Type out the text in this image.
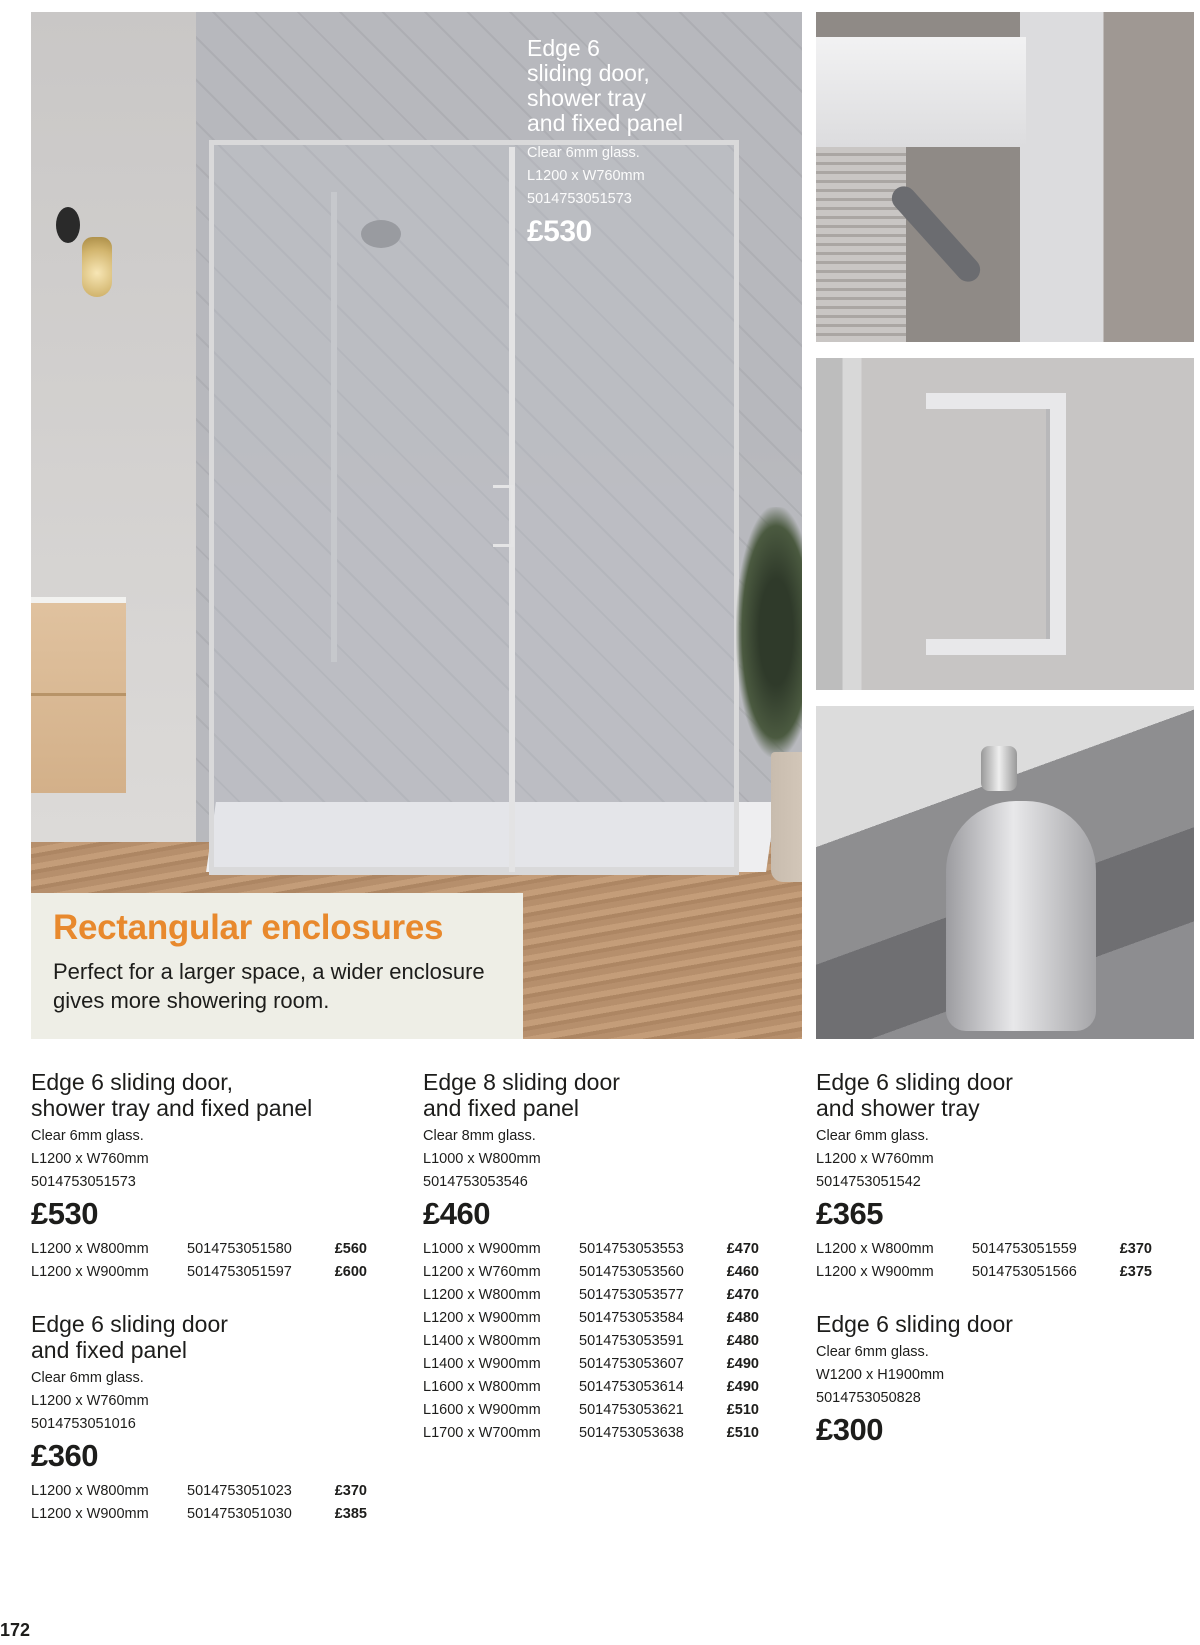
Edge 6
sliding door,
shower tray
and fixed panel
Clear 6mm glass.
L1200 x W760mm
5014753051573
£530
Rectangular enclosures

Perfect for a larger space, a wider enclosure gives more showering room.

Edge 6 sliding door,
shower tray and fixed panel
Clear 6mm glass.
L1200 x W760mm
5014753051573
£530
L1200 x W800mm	5014753051580	£560
L1200 x W900mm	5014753051597	£600
Edge 6 sliding door
and fixed panel
Clear 6mm glass.
L1200 x W760mm
5014753051016
£360
L1200 x W800mm	5014753051023	£370
L1200 x W900mm	5014753051030	£385
Edge 8 sliding door
and fixed panel
Clear 8mm glass.
L1000 x W800mm
5014753053546
£460
L1000 x W900mm	5014753053553	£470
L1200 x W760mm	5014753053560	£460
L1200 x W800mm	5014753053577	£470
L1200 x W900mm	5014753053584	£480
L1400 x W800mm	5014753053591	£480
L1400 x W900mm	5014753053607	£490
L1600 x W800mm	5014753053614	£490
L1600 x W900mm	5014753053621	£510
L1700 x W700mm	5014753053638	£510
Edge 6 sliding door
and shower tray
Clear 6mm glass.
L1200 x W760mm
5014753051542
£365
L1200 x W800mm	5014753051559	£370
L1200 x W900mm	5014753051566	£375
Edge 6 sliding door
Clear 6mm glass.
W1200 x H1900mm
5014753050828
£300
172
